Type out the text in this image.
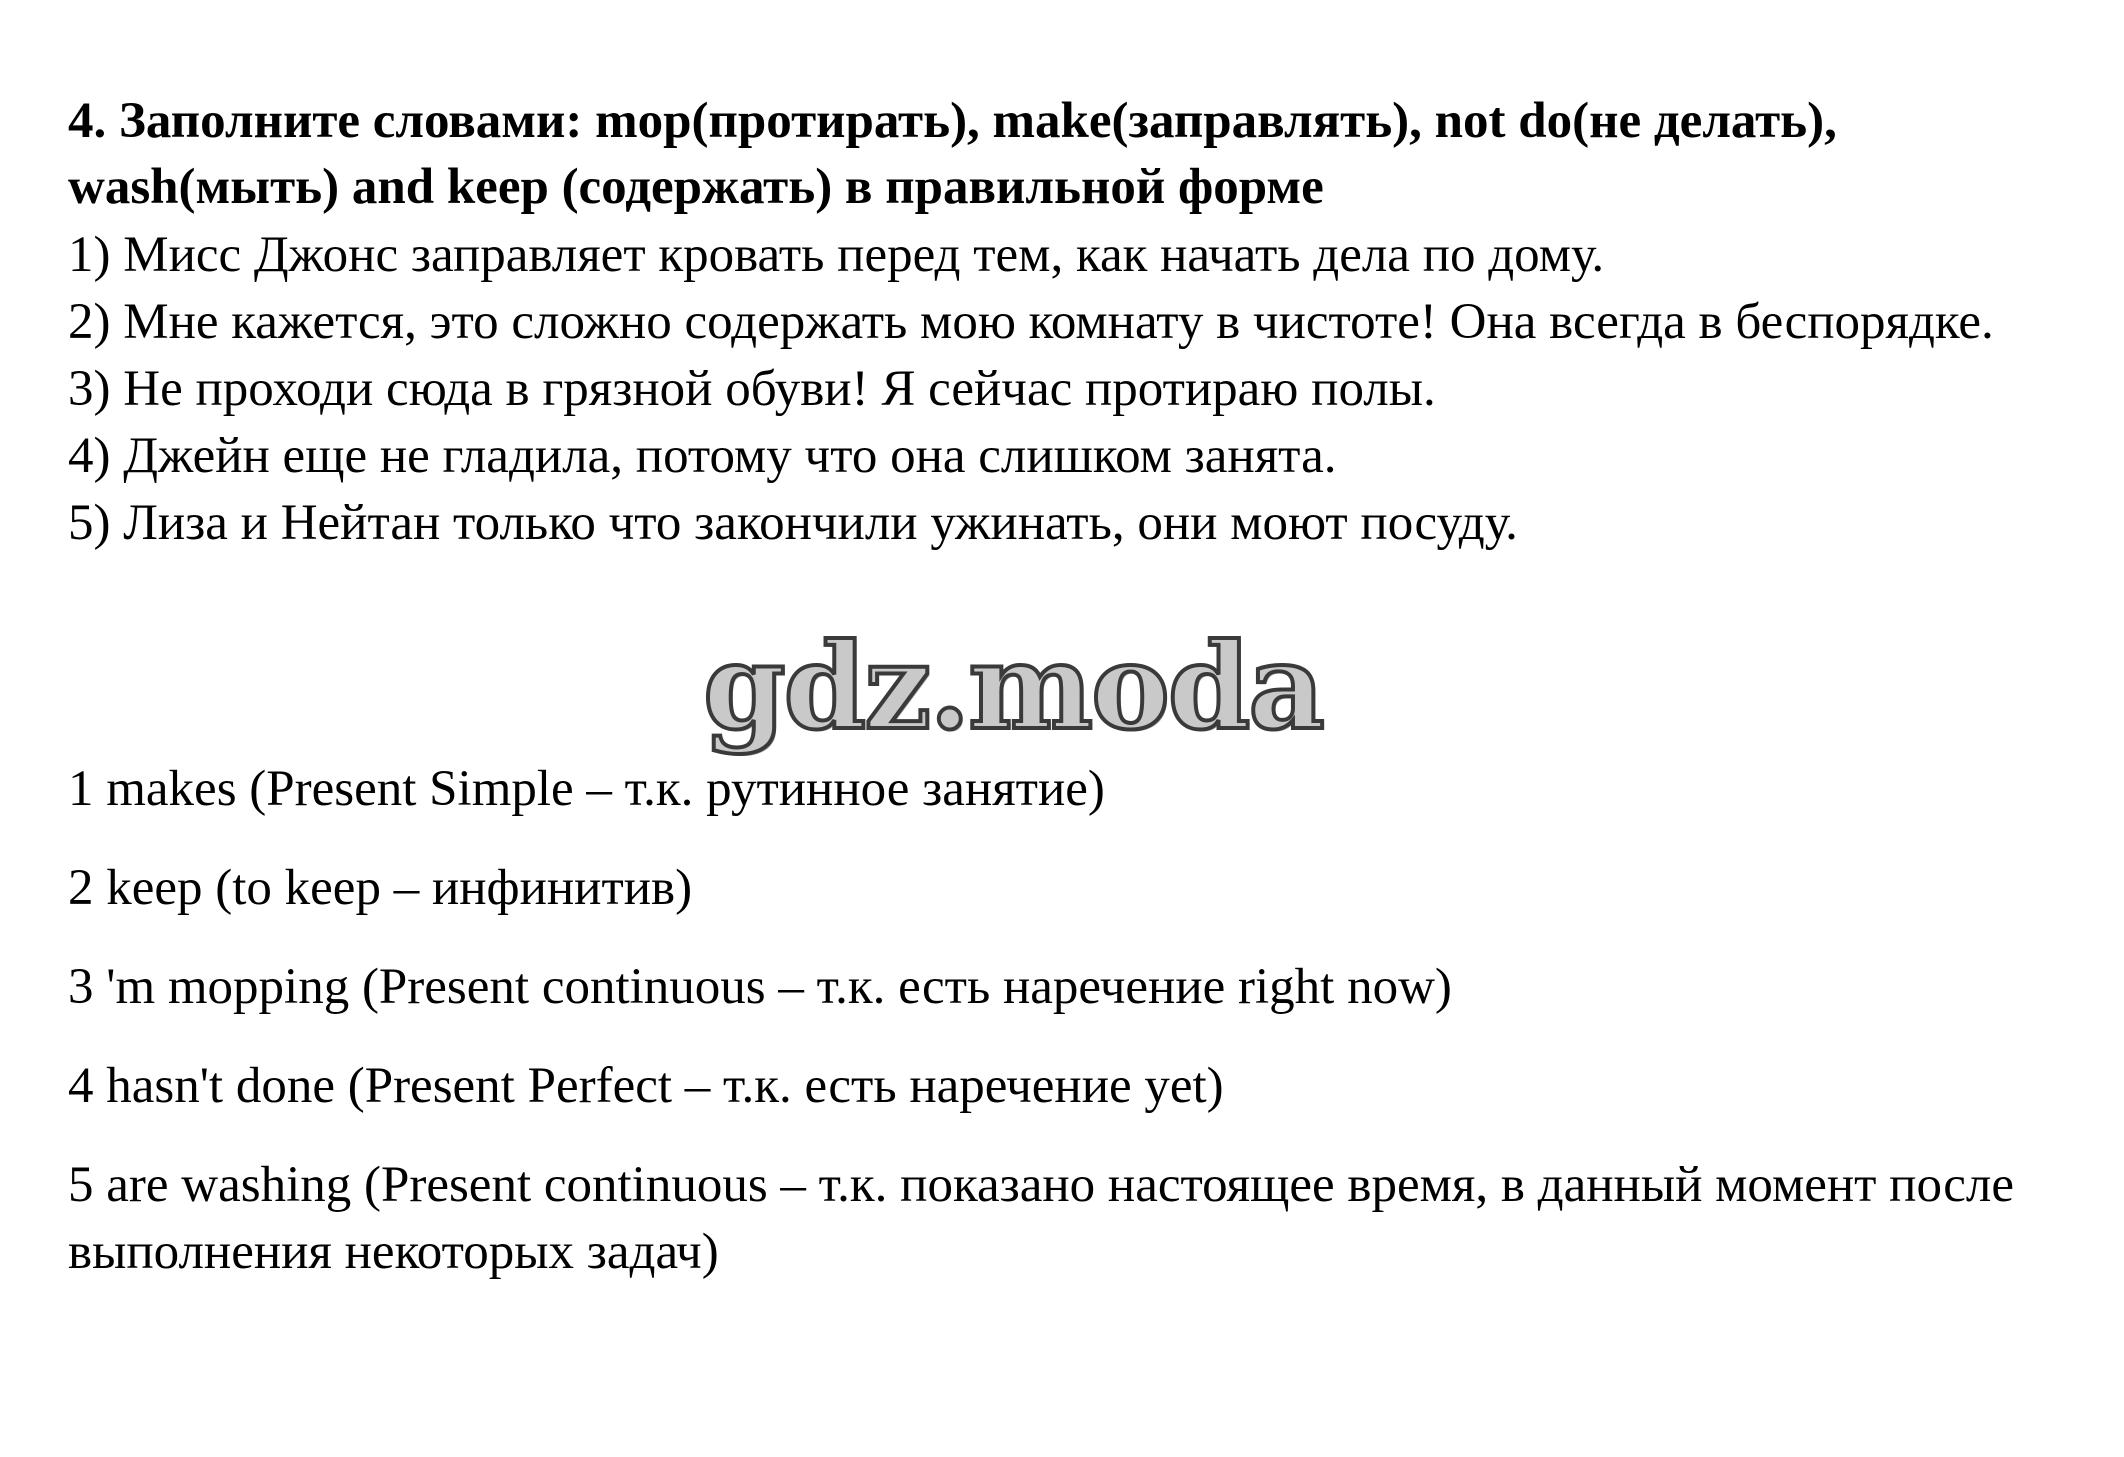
4. Заполните словами: mop(протирать), make(заправлять), not do(не делать), wash(мыть) and keep (содержать) в правильной форме

1) Мисс Джонс заправляет кровать перед тем, как начать дела по дому.
2) Мне кажется, это сложно содержать мою комнату в чистоте! Она всегда в беспорядке.
3) Не проходи сюда в грязной обуви! Я сейчас протираю полы.
4) Джейн еще не гладила, потому что она слишком занята.
5) Лиза и Нейтан только что закончили ужинать, они моют посуду.
gdz.moda
1 makes (Present Simple – т.к. рутинное занятие)
2 keep (to keep – инфинитив)
3 'm mopping (Present continuous – т.к. есть наречение right now)
4 hasn't done (Present Perfect – т.к. есть наречение yet)
5 are washing (Present continuous – т.к. показано настоящее время, в данный момент после выполнения некоторых задач)
